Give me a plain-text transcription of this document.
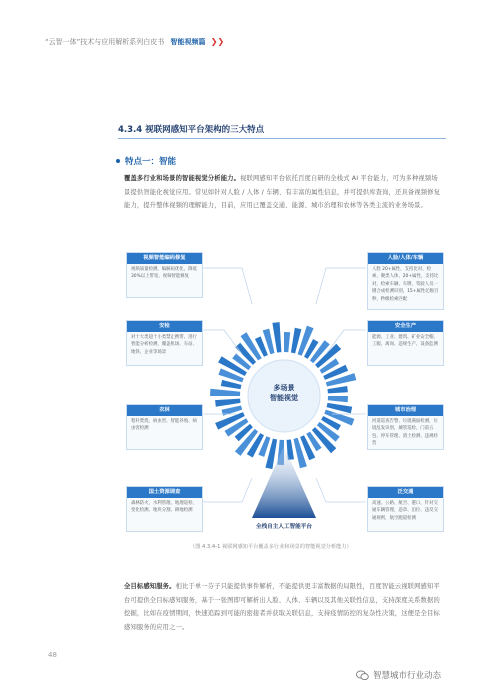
“云智一体”技术与应用解析系列白皮书 智能视频篇 ❯❯
4.3.4 视联网感知平台架构的三大特点
特点一：智能
覆盖多行业和场景的智能视觉分析能力。视联网感知平台依托百度自研的全栈式 AI 平台能力，可为多种视频场景提供智能化视觉应用。常见如针对人脸 / 人体 / 车辆、有丰富的属性信息，并可提供库查询，还具备视频修复能力，提升整体视频的理解能力，目前，应用已覆盖交通、能源、城市治理和农林等各类主流的业务场景。
多场景
智能视觉
全栈自主人工智能平台
视频智能编码修复
视频质量检测，编解码优化，降低30%以上带宽、视频智能修复
安检
对十大类超十小类禁止携带、进行智能分析检测，覆盖机场、车站、地铁、企业等场景
农林
秸秆焚烧，病虫害、智能养殖、病虫害检测
国土资源调查
森林防火，水利管理、地理巡检、变化检测、地块分割、耕地检测
人脸/人体/车辆
人脸 20+属性，支持比对、检索、聚类人体、20+属性，支持比对，检索车辆、车牌，驾驶人员一键合成检测识别，15+属性亿级百秒，秒级检索匹配
安全生产
能源、工业、建筑、矿业安全帽、工服、离岗、违规生产、设备监测
城市治理
河道巡查告警、垃圾满溢检测，垃圾乱发识别，城管巡检，门前五包、停车管理、渣土检测、违规经营
泛交通
高速、公路、航空、港口，针对交通车辆管理，违章、泊位、违反交通规则，航空跑道检测
（图 4.3.4-1 视联网感知平台覆盖多行业和场景的智能视觉分析能力）
全目标感知服务。相比于单一芬子只能提供事件解析，不能提供更丰富数据的局限性，百度智能云视联网感知平台可提供全目标感知服务，基于一张图即可解析出人脸、人体、车辆以及其他关联性信息，支持深度关系数据的挖掘，比如在疫情期间，快速追踪到可能的密接者并获取关联信息，支持疫情防控的复杂性决策，这便是全目标感知服务的应用之一。
48
智慧城市行业动态
